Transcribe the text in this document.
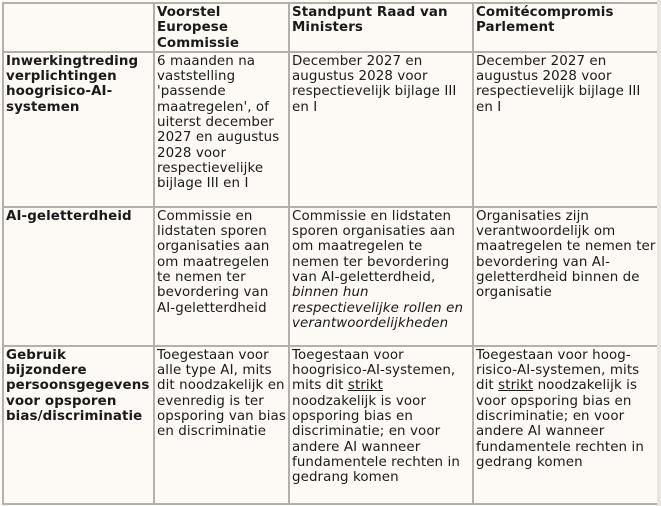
	Voorstel Europese Commissie	Standpunt Raad van Ministers	Comitécompromis Parlement
Inwerkingtreding verplichtingen hoogrisico-AI-systemen	6 maanden na vaststelling 'passende maatregelen', of uiterst december 2027 en augustus 2028 voor respectievelijke bijlage III en I	December 2027 en augustus 2028 voor respectievelijk bijlage III en I	December 2027 en augustus 2028 voor respectievelijk bijlage III en I
AI-geletterdheid	Commissie en lidstaten sporen organisaties aan om maatregelen te nemen ter bevordering van AI-geletterdheid	Commissie en lidstaten sporen organisaties aan om maatregelen te nemen ter bevordering van AI-geletterdheid, binnen hun respectievelijke rollen en verantwoordelijkheden	Organisaties zijn verantwoordelijk om maatregelen te nemen ter bevordering van AI-geletterdheid binnen de organisatie
Gebruik bijzondere persoonsgegevens voor opsporen bias/discriminatie	Toegestaan voor alle type AI, mits dit noodzakelijk en evenredig is ter opsporing van bias en discriminatie	Toegestaan voor hoogrisico-AI-systemen, mits dit strikt noodzakelijk is voor opsporing bias en discriminatie; en voor andere AI wanneer fundamentele rechten in gedrang komen	Toegestaan voor hoog-risico-AI-systemen, mits dit strikt noodzakelijk is voor opsporing bias en discriminatie; en voor andere AI wanneer fundamentele rechten in gedrang komen
